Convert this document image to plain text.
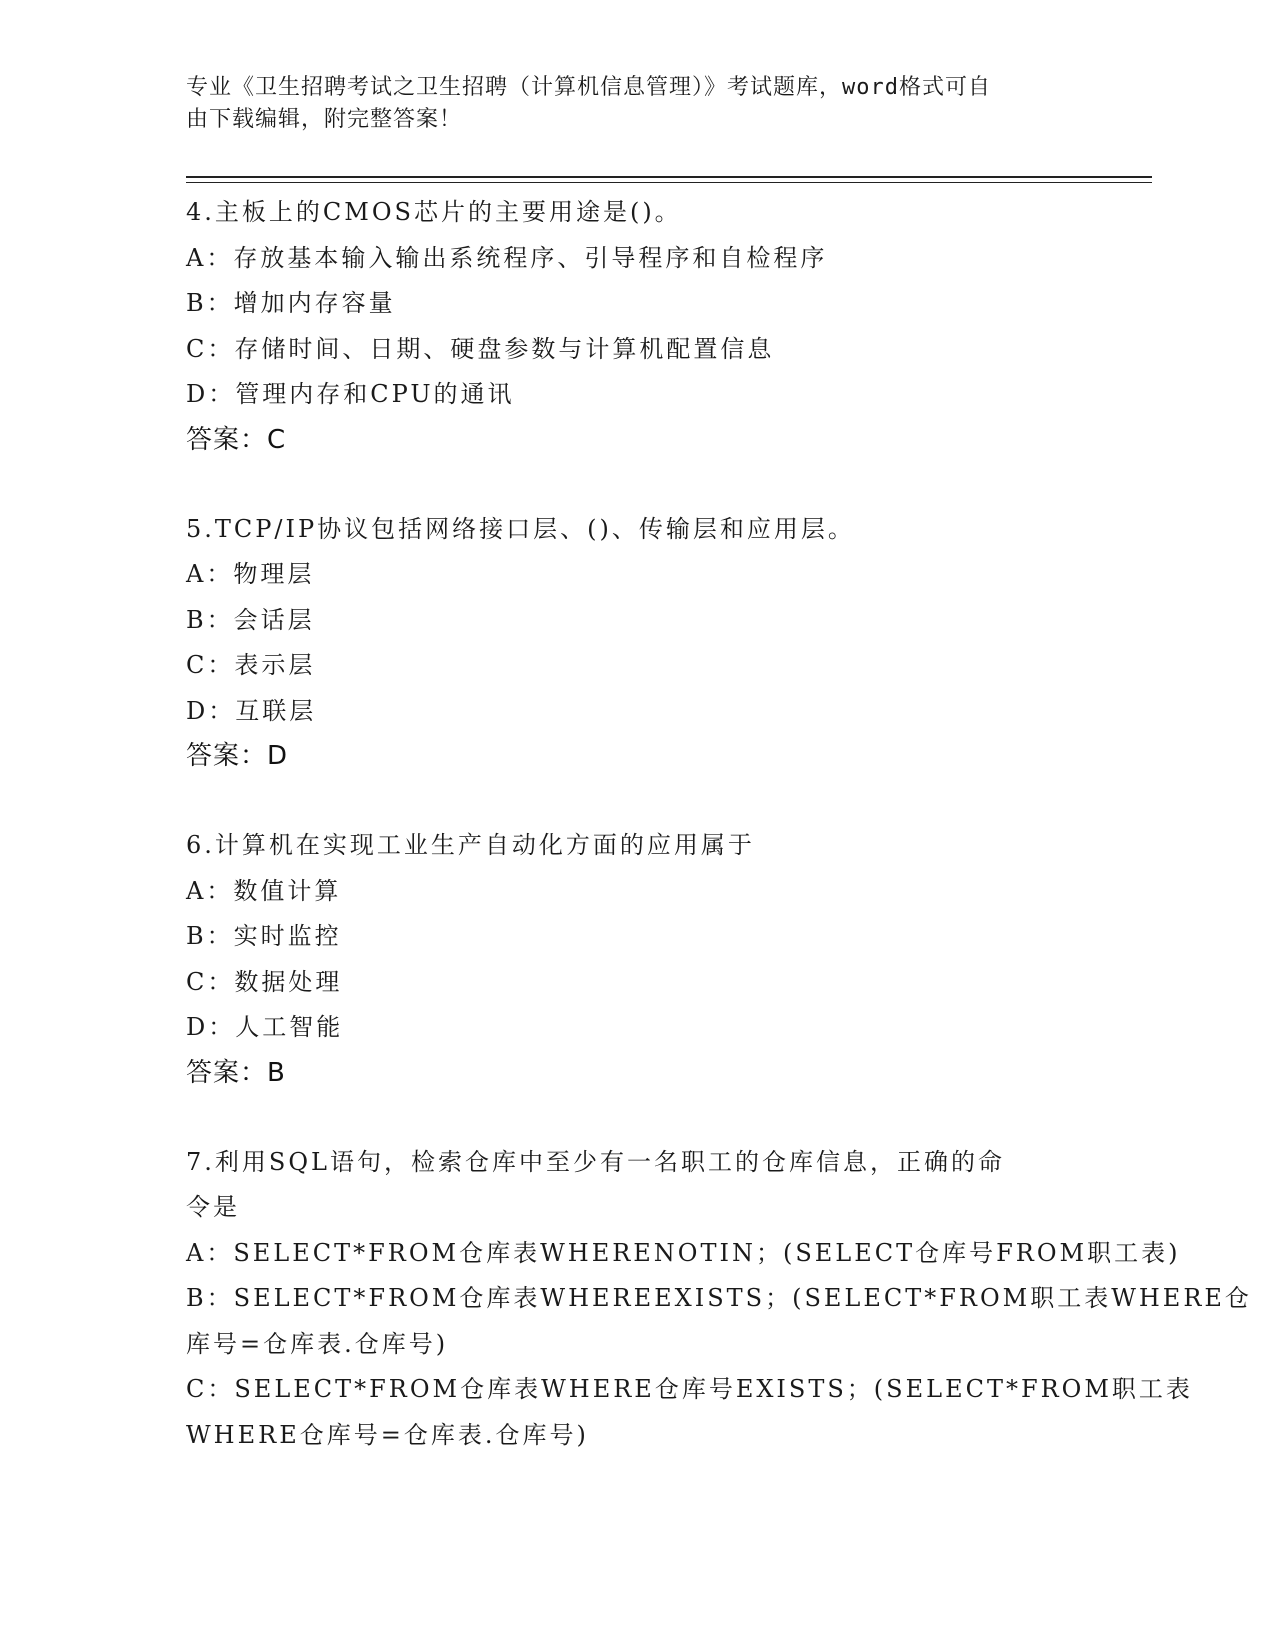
专业《卫生招聘考试之卫生招聘（计算机信息管理）》考试题库，word格式可自
由下载编辑，附完整答案！
4.主板上的CMOS芯片的主要用途是()。
A：存放基本输入输出系统程序、引导程序和自检程序
B：增加内存容量
C：存储时间、日期、硬盘参数与计算机配置信息
D：管理内存和CPU的通讯
答案：C
5.TCP/IP协议包括网络接口层、()、传输层和应用层。
A：物理层
B：会话层
C：表示层
D：互联层
答案：D
6.计算机在实现工业生产自动化方面的应用属于
A：数值计算
B：实时监控
C：数据处理
D：人工智能
答案：B
7.利用SQL语句，检索仓库中至少有一名职工的仓库信息，正确的命
令是
A：SELECT*FROM仓库表WHERENOTIN；(SELECT仓库号FROM职工表)
B：SELECT*FROM仓库表WHEREEXISTS；(SELECT*FROM职工表WHERE仓
库号=仓库表.仓库号)
C：SELECT*FROM仓库表WHERE仓库号EXISTS；(SELECT*FROM职工表
WHERE仓库号=仓库表.仓库号)
